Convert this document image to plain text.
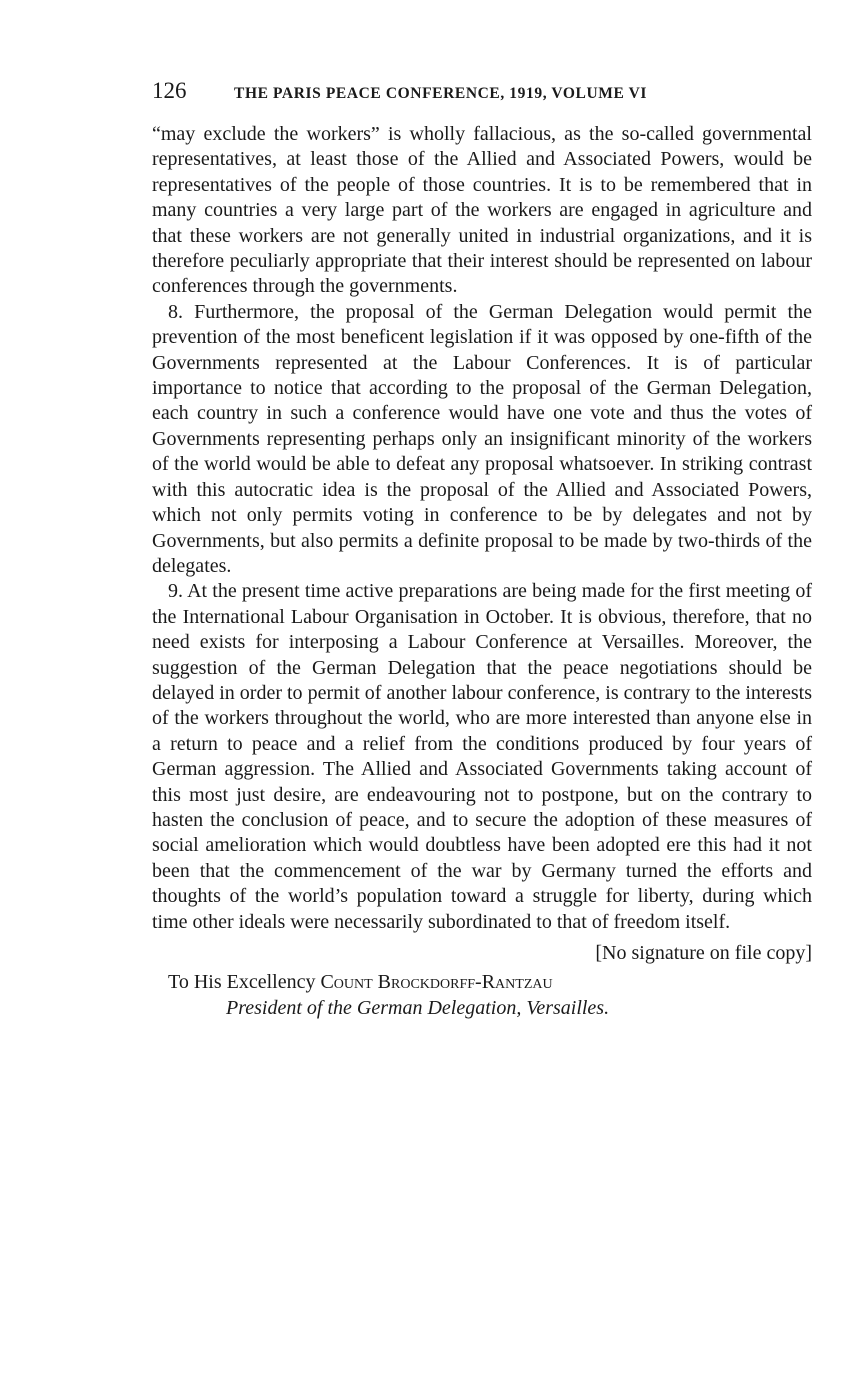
126	THE PARIS PEACE CONFERENCE, 1919, VOLUME VI

“may exclude the workers” is wholly fallacious, as the so-called governmental representatives, at least those of the Allied and Associated Powers, would be representatives of the people of those countries. It is to be remembered that in many countries a very large part of the workers are engaged in agriculture and that these workers are not generally united in industrial organizations, and it is therefore peculiarly appropriate that their interest should be represented on labour conferences through the governments.

8. Furthermore, the proposal of the German Delegation would permit the prevention of the most beneficent legislation if it was opposed by one-fifth of the Governments represented at the Labour Conferences. It is of particular importance to notice that according to the proposal of the German Delegation, each country in such a conference would have one vote and thus the votes of Governments representing perhaps only an insignificant minority of the workers of the world would be able to defeat any proposal whatsoever. In striking contrast with this autocratic idea is the proposal of the Allied and Associated Powers, which not only permits voting in conference to be by delegates and not by Governments, but also permits a definite proposal to be made by two-thirds of the delegates.

9. At the present time active preparations are being made for the first meeting of the International Labour Organisation in October. It is obvious, therefore, that no need exists for interposing a Labour Conference at Versailles. Moreover, the suggestion of the German Delegation that the peace negotiations should be delayed in order to permit of another labour conference, is contrary to the interests of the workers throughout the world, who are more interested than anyone else in a return to peace and a relief from the conditions produced by four years of German aggression. The Allied and Associated Governments taking account of this most just desire, are endeavouring not to postpone, but on the contrary to hasten the conclusion of peace, and to secure the adoption of these measures of social amelioration which would doubtless have been adopted ere this had it not been that the commencement of the war by Germany turned the efforts and thoughts of the world’s population toward a struggle for liberty, during which time other ideals were necessarily subordinated to that of freedom itself.

[No signature on file copy]
To His Excellency Count Brockdorff-Rantzau
President of the German Delegation, Versailles.
